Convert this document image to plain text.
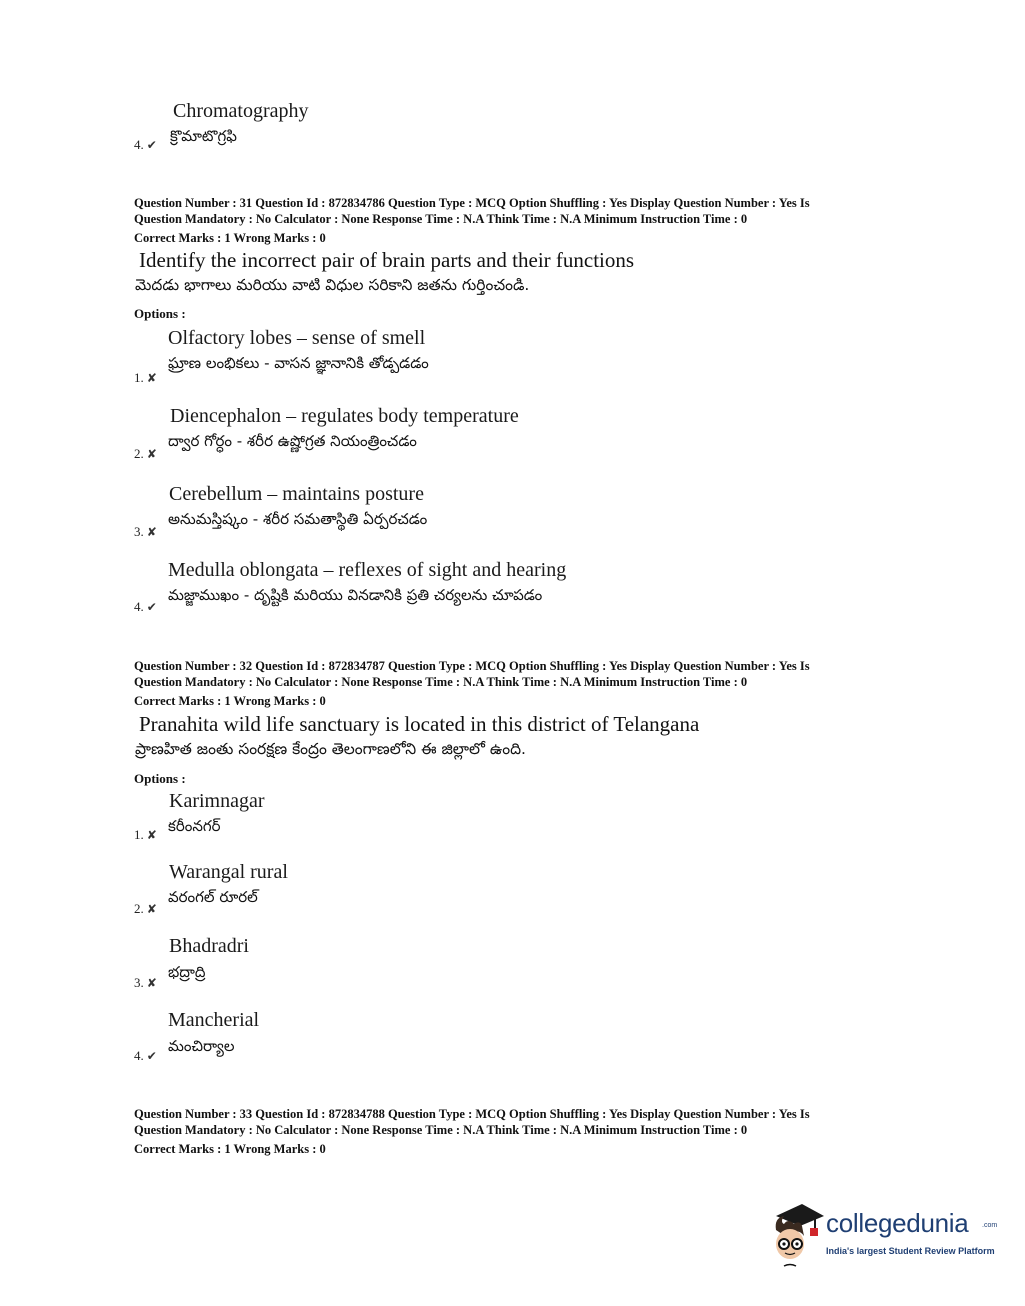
Chromatography
క్రొమాటొగ్రఫి
4. ✔
Question Number : 31 Question Id : 872834786 Question Type : MCQ Option Shuffling : Yes Display Question Number : Yes Is
Question Mandatory : No Calculator : None Response Time : N.A Think Time : N.A Minimum Instruction Time : 0
Correct Marks : 1 Wrong Marks : 0
Identify the incorrect pair of brain parts and their functions
మెదడు భాగాలు మరియు వాటి విధుల సరికాని జతను గుర్తించండి.
Options :
Olfactory lobes – sense of smell
ఘ్రాణ లంభికలు - వాసన జ్ఞానానికి తోడ్పడడం
1. ✘
Diencephalon – regulates body temperature
ద్వార గోర్ధం - శరీర ఉష్ణోగ్రత నియంత్రించడం
2. ✘
Cerebellum – maintains posture
అనుమస్తిష్కం - శరీర సమతాస్థితి ఏర్పరచడం
3. ✘
Medulla oblongata – reflexes of sight and hearing
మజ్జాముఖం - దృష్టికి మరియు వినడానికి ప్రతి చర్యలను చూపడం
4. ✔
Question Number : 32 Question Id : 872834787 Question Type : MCQ Option Shuffling : Yes Display Question Number : Yes Is
Question Mandatory : No Calculator : None Response Time : N.A Think Time : N.A Minimum Instruction Time : 0
Correct Marks : 1 Wrong Marks : 0
Pranahita wild life sanctuary is located in this district of Telangana
ప్రాణహిత జంతు సంరక్షణ కేంద్రం తెలంగాణలోని ఈ జిల్లాలో ఉంది.
Options :
Karimnagar
కరీంనగర్
1. ✘
Warangal rural
వరంగల్ రూరల్
2. ✘
Bhadradri
భద్రాద్రి
3. ✘
Mancherial
మంచిర్యాల
4. ✔
Question Number : 33 Question Id : 872834788 Question Type : MCQ Option Shuffling : Yes Display Question Number : Yes Is
Question Mandatory : No Calculator : None Response Time : N.A Think Time : N.A Minimum Instruction Time : 0
Correct Marks : 1 Wrong Marks : 0
collegedunia .com
India's largest Student Review Platform
